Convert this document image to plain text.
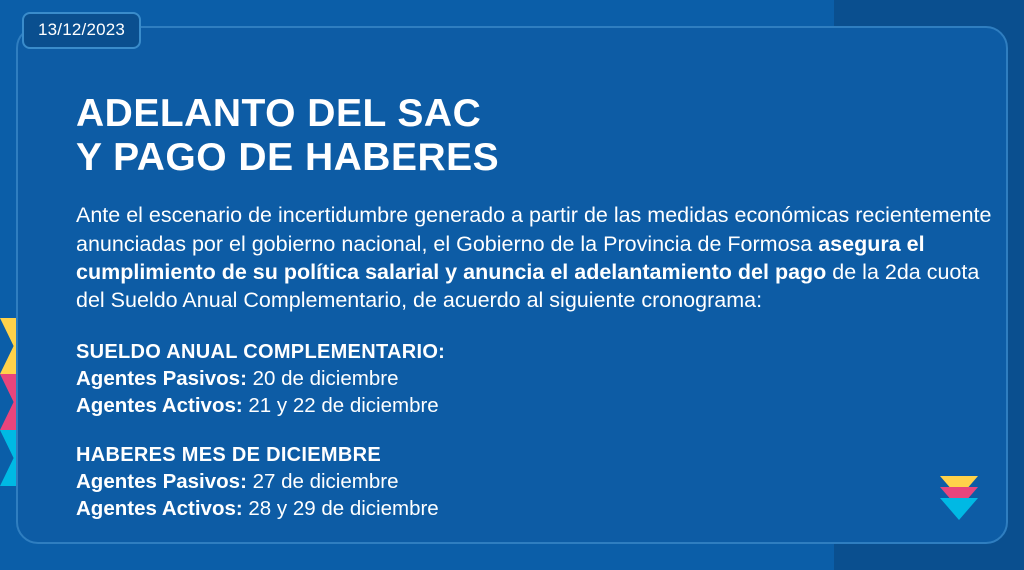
ADELANTO DEL SAC
Y PAGO DE HABERES

Ante el escenario de incertidumbre generado a partir de las medidas económicas recientemente anunciadas por el gobierno nacional, el Gobierno de la Provincia de Formosa asegura el cumplimiento de su política salarial y anuncia el adelantamiento del pago de la 2da cuota del Sueldo Anual Complementario, de acuerdo al siguiente cronograma:

SUELDO ANUAL COMPLEMENTARIO:

Agentes Pasivos: 20 de diciembre

Agentes Activos: 21 y 22 de diciembre

HABERES MES DE DICIEMBRE

Agentes Pasivos: 27 de diciembre

Agentes Activos: 28 y 29 de diciembre

13/12/2023
